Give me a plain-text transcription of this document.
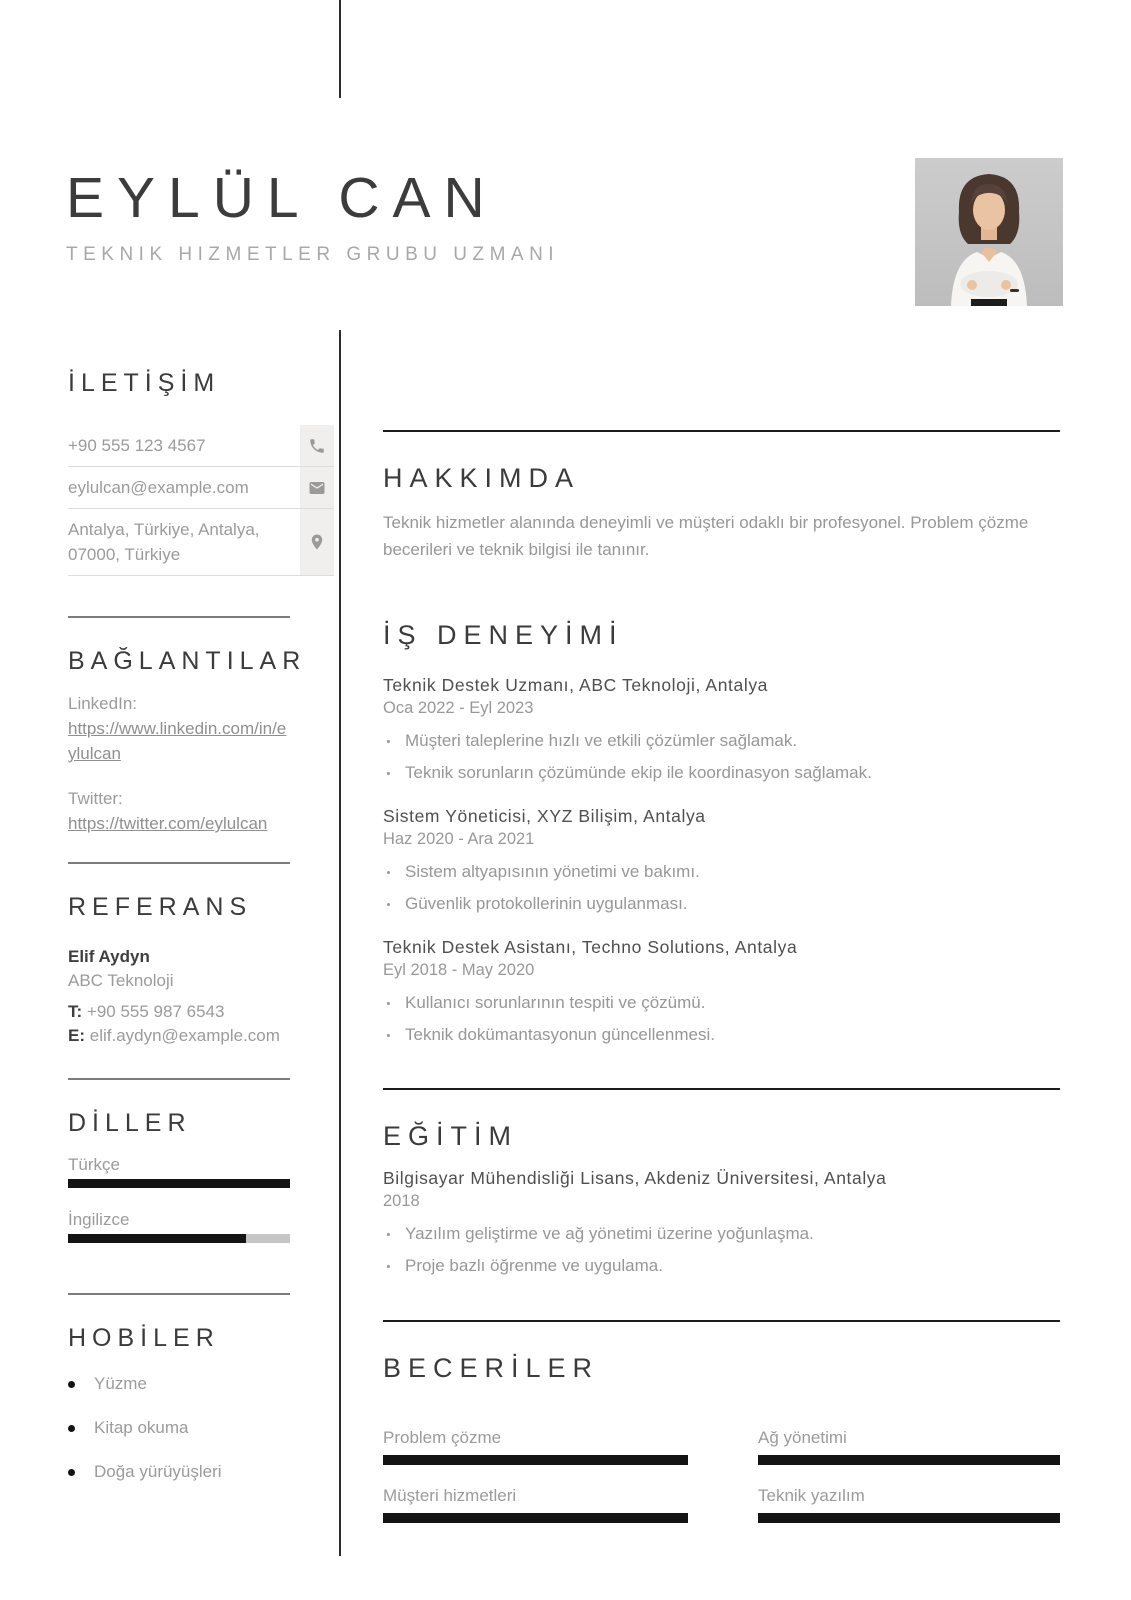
EYLÜL CAN
TEKNIK HIZMETLER GRUBU UZMANI
İLETİŞİM
+90 555 123 4567
eylulcan@example.com
Antalya, Türkiye, Antalya, 07000, Türkiye
BAĞLANTILAR
LinkedIn:
https://www.linkedin.com/in/eylulcan
Twitter:
https://twitter.com/eylulcan
REFERANS
Elif Aydyn
ABC Teknoloji
T: +90 555 987 6543
E: elif.aydyn@example.com
DİLLER
Türkçe
İngilizce
HOBİLER
Yüzme
Kitap okuma
Doğa yürüyüşleri
HAKKIMDA

Teknik hizmetler alanında deneyimli ve müşteri odaklı bir profesyonel. Problem çözme becerileri ve teknik bilgisi ile tanınır.

İŞ DENEYİMİ
Teknik Destek Uzmanı, ABC Teknoloji, Antalya
Oca 2022 - Eyl 2023
Müşteri taleplerine hızlı ve etkili çözümler sağlamak.
Teknik sorunların çözümünde ekip ile koordinasyon sağlamak.
Sistem Yöneticisi, XYZ Bilişim, Antalya
Haz 2020 - Ara 2021
Sistem altyapısının yönetimi ve bakımı.
Güvenlik protokollerinin uygulanması.
Teknik Destek Asistanı, Techno Solutions, Antalya
Eyl 2018 - May 2020
Kullanıcı sorunlarının tespiti ve çözümü.
Teknik dokümantasyonun güncellenmesi.
EĞİTİM
Bilgisayar Mühendisliği Lisans, Akdeniz Üniversitesi, Antalya
2018
Yazılım geliştirme ve ağ yönetimi üzerine yoğunlaşma.
Proje bazlı öğrenme ve uygulama.
BECERİLER
Problem çözme	Ağ yönetimi
Müşteri hizmetleri	Teknik yazılım
